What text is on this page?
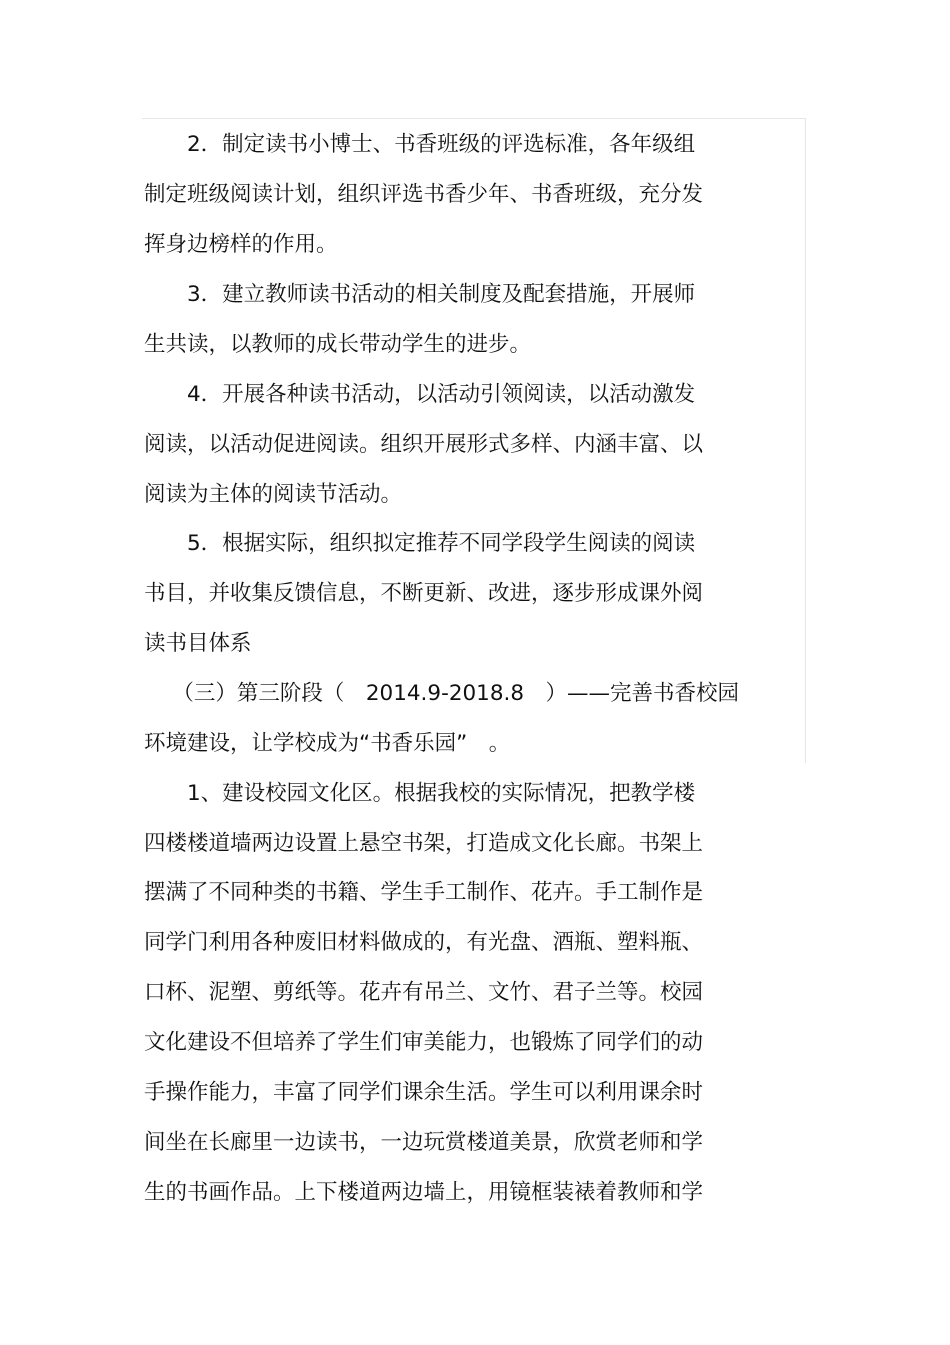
　　2．制定读书小博士、书香班级的评选标准，各年级组

制定班级阅读计划，组织评选书香少年、书香班级，充分发

挥身边榜样的作用。

　　3．建立教师读书活动的相关制度及配套措施，开展师

生共读，以教师的成长带动学生的进步。

　　4．开展各种读书活动，以活动引领阅读，以活动激发

阅读，以活动促进阅读。组织开展形式多样、内涵丰富、以

阅读为主体的阅读节活动。

　　5．根据实际，组织拟定推荐不同学段学生阅读的阅读

书目，并收集反馈信息，不断更新、改进，逐步形成课外阅

读书目体系

　 （三）第三阶段（　2014.9-2018.8　）——完善书香校园

环境建设，让学校成为“书香乐园”　。

　　1、建设校园文化区。根据我校的实际情况，把教学楼

四楼楼道墙两边设置上悬空书架，打造成文化长廊。书架上

摆满了不同种类的书籍、学生手工制作、花卉。手工制作是

同学门利用各种废旧材料做成的，有光盘、酒瓶、塑料瓶、

口杯、泥塑、剪纸等。花卉有吊兰、文竹、君子兰等。校园

文化建设不但培养了学生们审美能力，也锻炼了同学们的动

手操作能力，丰富了同学们课余生活。学生可以利用课余时

间坐在长廊里一边读书，一边玩赏楼道美景，欣赏老师和学

生的书画作品。上下楼道两边墙上，用镜框装裱着教师和学
